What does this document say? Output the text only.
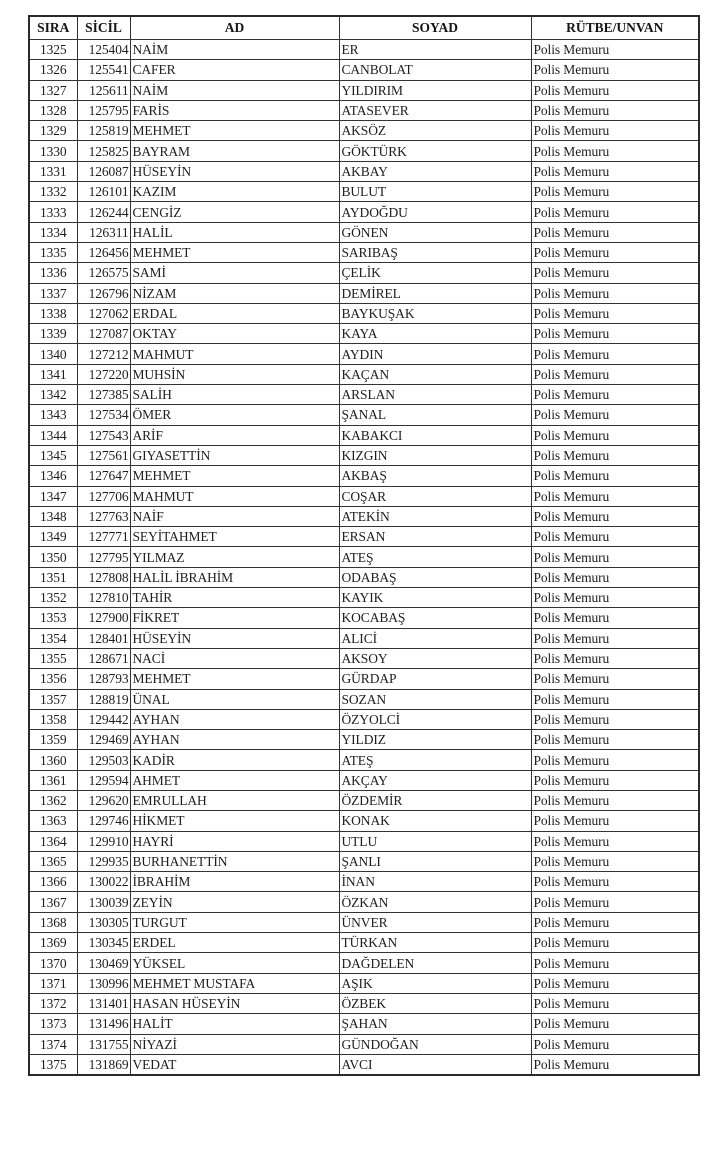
SIRA	SİCİL	AD	SOYAD	RÜTBE/UNVAN
1325	125404	NAİM	ER	Polis Memuru
1326	125541	CAFER	CANBOLAT	Polis Memuru
1327	125611	NAİM	YILDIRIM	Polis Memuru
1328	125795	FARİS	ATASEVER	Polis Memuru
1329	125819	MEHMET	AKSÖZ	Polis Memuru
1330	125825	BAYRAM	GÖKTÜRK	Polis Memuru
1331	126087	HÜSEYİN	AKBAY	Polis Memuru
1332	126101	KAZIM	BULUT	Polis Memuru
1333	126244	CENGİZ	AYDOĞDU	Polis Memuru
1334	126311	HALİL	GÖNEN	Polis Memuru
1335	126456	MEHMET	SARIBAŞ	Polis Memuru
1336	126575	SAMİ	ÇELİK	Polis Memuru
1337	126796	NİZAM	DEMİREL	Polis Memuru
1338	127062	ERDAL	BAYKUŞAK	Polis Memuru
1339	127087	OKTAY	KAYA	Polis Memuru
1340	127212	MAHMUT	AYDIN	Polis Memuru
1341	127220	MUHSİN	KAÇAN	Polis Memuru
1342	127385	SALİH	ARSLAN	Polis Memuru
1343	127534	ÖMER	ŞANAL	Polis Memuru
1344	127543	ARİF	KABAKCI	Polis Memuru
1345	127561	GIYASETTİN	KIZGIN	Polis Memuru
1346	127647	MEHMET	AKBAŞ	Polis Memuru
1347	127706	MAHMUT	COŞAR	Polis Memuru
1348	127763	NAİF	ATEKİN	Polis Memuru
1349	127771	SEYİTAHMET	ERSAN	Polis Memuru
1350	127795	YILMAZ	ATEŞ	Polis Memuru
1351	127808	HALİL İBRAHİM	ODABAŞ	Polis Memuru
1352	127810	TAHİR	KAYIK	Polis Memuru
1353	127900	FİKRET	KOCABAŞ	Polis Memuru
1354	128401	HÜSEYİN	ALICİ	Polis Memuru
1355	128671	NACİ	AKSOY	Polis Memuru
1356	128793	MEHMET	GÜRDAP	Polis Memuru
1357	128819	ÜNAL	SOZAN	Polis Memuru
1358	129442	AYHAN	ÖZYOLCİ	Polis Memuru
1359	129469	AYHAN	YILDIZ	Polis Memuru
1360	129503	KADİR	ATEŞ	Polis Memuru
1361	129594	AHMET	AKÇAY	Polis Memuru
1362	129620	EMRULLAH	ÖZDEMİR	Polis Memuru
1363	129746	HİKMET	KONAK	Polis Memuru
1364	129910	HAYRİ	UTLU	Polis Memuru
1365	129935	BURHANETTİN	ŞANLI	Polis Memuru
1366	130022	İBRAHİM	İNAN	Polis Memuru
1367	130039	ZEYİN	ÖZKAN	Polis Memuru
1368	130305	TURGUT	ÜNVER	Polis Memuru
1369	130345	ERDEL	TÜRKAN	Polis Memuru
1370	130469	YÜKSEL	DAĞDELEN	Polis Memuru
1371	130996	MEHMET MUSTAFA	AŞIK	Polis Memuru
1372	131401	HASAN HÜSEYİN	ÖZBEK	Polis Memuru
1373	131496	HALİT	ŞAHAN	Polis Memuru
1374	131755	NİYAZİ	GÜNDOĞAN	Polis Memuru
1375	131869	VEDAT	AVCI	Polis Memuru
